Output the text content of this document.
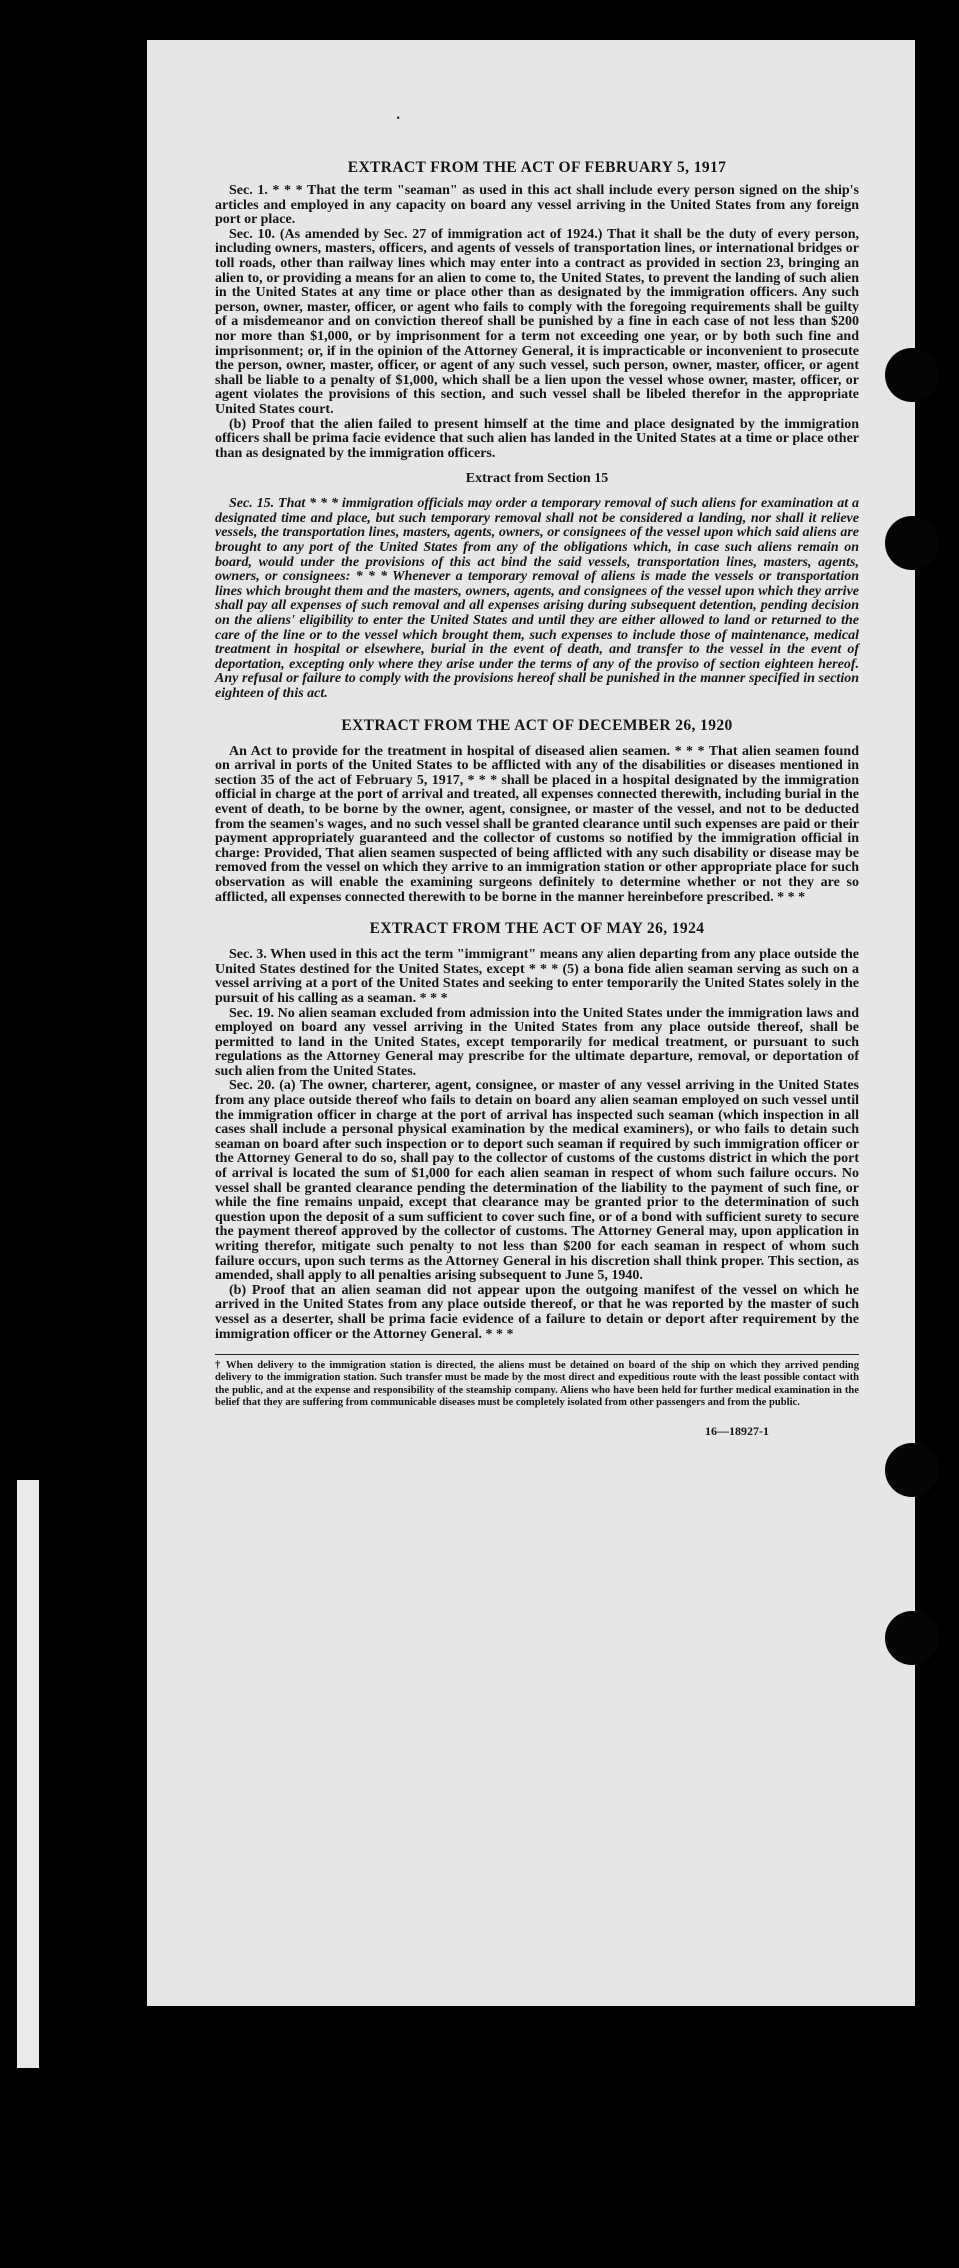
.
EXTRACT FROM THE ACT OF FEBRUARY 5, 1917

Sec. 1. * * * That the term "seaman" as used in this act shall include every person signed on the ship's articles and employed in any capacity on board any vessel arriving in the United States from any foreign port or place.

Sec. 10. (As amended by Sec. 27 of immigration act of 1924.) That it shall be the duty of every person, including owners, masters, officers, and agents of vessels of transportation lines, or international bridges or toll roads, other than railway lines which may enter into a contract as provided in section 23, bringing an alien to, or providing a means for an alien to come to, the United States, to prevent the landing of such alien in the United States at any time or place other than as designated by the immigration officers. Any such person, owner, master, officer, or agent who fails to comply with the foregoing requirements shall be guilty of a misdemeanor and on conviction thereof shall be punished by a fine in each case of not less than $200 nor more than $1,000, or by imprisonment for a term not exceeding one year, or by both such fine and imprisonment; or, if in the opinion of the Attorney General, it is impracticable or inconvenient to prosecute the person, owner, master, officer, or agent of any such vessel, such person, owner, master, officer, or agent shall be liable to a penalty of $1,000, which shall be a lien upon the vessel whose owner, master, officer, or agent violates the provisions of this section, and such vessel shall be libeled therefor in the appropriate United States court.

(b) Proof that the alien failed to present himself at the time and place designated by the immigration officers shall be prima facie evidence that such alien has landed in the United States at a time or place other than as designated by the immigration officers.

Extract from Section 15

Sec. 15. That * * * immigration officials may order a temporary removal of such aliens for examination at a designated time and place, but such temporary removal shall not be considered a landing, nor shall it relieve vessels, the transportation lines, masters, agents, owners, or consignees of the vessel upon which said aliens are brought to any port of the United States from any of the obligations which, in case such aliens remain on board, would under the provisions of this act bind the said vessels, transportation lines, masters, agents, owners, or consignees: * * * Whenever a temporary removal of aliens is made the vessels or transportation lines which brought them and the masters, owners, agents, and consignees of the vessel upon which they arrive shall pay all expenses of such removal and all expenses arising during subsequent detention, pending decision on the aliens' eligibility to enter the United States and until they are either allowed to land or returned to the care of the line or to the vessel which brought them, such expenses to include those of maintenance, medical treatment in hospital or elsewhere, burial in the event of death, and transfer to the vessel in the event of deportation, excepting only where they arise under the terms of any of the proviso of section eighteen hereof. Any refusal or failure to comply with the provisions hereof shall be punished in the manner specified in section eighteen of this act.

EXTRACT FROM THE ACT OF DECEMBER 26, 1920

An Act to provide for the treatment in hospital of diseased alien seamen. * * * That alien seamen found on arrival in ports of the United States to be afflicted with any of the disabilities or diseases mentioned in section 35 of the act of February 5, 1917, * * * shall be placed in a hospital designated by the immigration official in charge at the port of arrival and treated, all expenses connected therewith, including burial in the event of death, to be borne by the owner, agent, consignee, or master of the vessel, and not to be deducted from the seamen's wages, and no such vessel shall be granted clearance until such expenses are paid or their payment appropriately guaranteed and the collector of customs so notified by the immigration official in charge: Provided, That alien seamen suspected of being afflicted with any such disability or disease may be removed from the vessel on which they arrive to an immigration station or other appropriate place for such observation as will enable the examining surgeons definitely to determine whether or not they are so afflicted, all expenses connected therewith to be borne in the manner hereinbefore prescribed. * * *

EXTRACT FROM THE ACT OF MAY 26, 1924

Sec. 3. When used in this act the term "immigrant" means any alien departing from any place outside the United States destined for the United States, except * * * (5) a bona fide alien seaman serving as such on a vessel arriving at a port of the United States and seeking to enter temporarily the United States solely in the pursuit of his calling as a seaman. * * *

Sec. 19. No alien seaman excluded from admission into the United States under the immigration laws and employed on board any vessel arriving in the United States from any place outside thereof, shall be permitted to land in the United States, except temporarily for medical treatment, or pursuant to such regulations as the Attorney General may prescribe for the ultimate departure, removal, or deportation of such alien from the United States.

Sec. 20. (a) The owner, charterer, agent, consignee, or master of any vessel arriving in the United States from any place outside thereof who fails to detain on board any alien seaman employed on such vessel until the immigration officer in charge at the port of arrival has inspected such seaman (which inspection in all cases shall include a personal physical examination by the medical examiners), or who fails to detain such seaman on board after such inspection or to deport such seaman if required by such immigration officer or the Attorney General to do so, shall pay to the collector of customs of the customs district in which the port of arrival is located the sum of $1,000 for each alien seaman in respect of whom such failure occurs. No vessel shall be granted clearance pending the determination of the liability to the payment of such fine, or while the fine remains unpaid, except that clearance may be granted prior to the determination of such question upon the deposit of a sum sufficient to cover such fine, or of a bond with sufficient surety to secure the payment thereof approved by the collector of customs. The Attorney General may, upon application in writing therefor, mitigate such penalty to not less than $200 for each seaman in respect of whom such failure occurs, upon such terms as the Attorney General in his discretion shall think proper. This section, as amended, shall apply to all penalties arising subsequent to June 5, 1940.

(b) Proof that an alien seaman did not appear upon the outgoing manifest of the vessel on which he arrived in the United States from any place outside thereof, or that he was reported by the master of such vessel as a deserter, shall be prima facie evidence of a failure to detain or deport after requirement by the immigration officer or the Attorney General. * * *

† When delivery to the immigration station is directed, the aliens must be detained on board of the ship on which they arrived pending delivery to the immigration station. Such transfer must be made by the most direct and expeditious route with the least possible contact with the public, and at the expense and responsibility of the steamship company. Aliens who have been held for further medical examination in the belief that they are suffering from communicable diseases must be completely isolated from other passengers and from the public.
16—18927-1
